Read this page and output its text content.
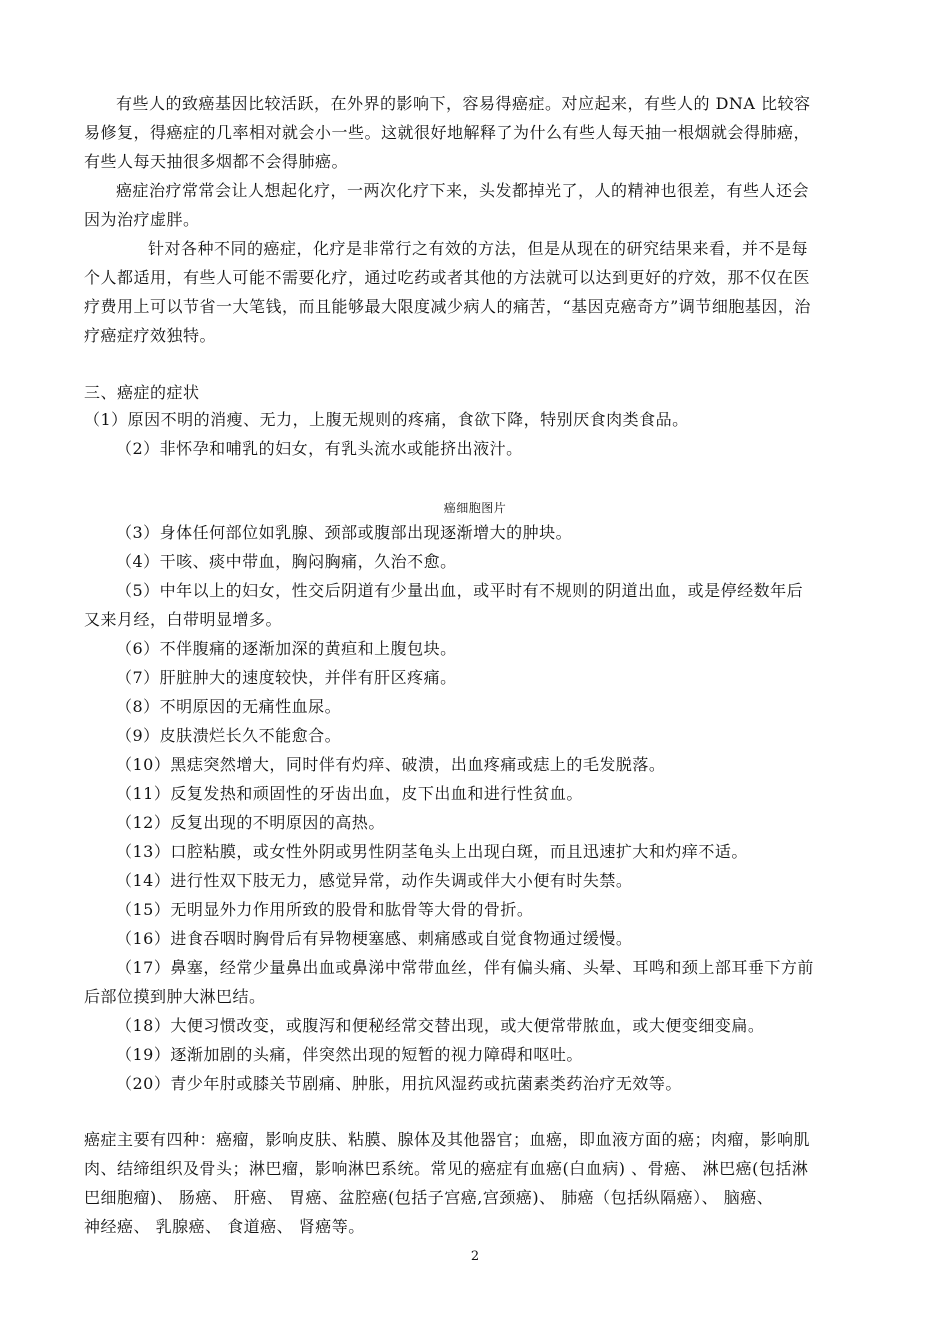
有些人的致癌基因比较活跃，在外界的影响下，容易得癌症。对应起来，有些人的 DNA 比较容
易修复，得癌症的几率相对就会小一些。这就很好地解释了为什么有些人每天抽一根烟就会得肺癌，
有些人每天抽很多烟都不会得肺癌。
癌症治疗常常会让人想起化疗，一两次化疗下来，头发都掉光了，人的精神也很差，有些人还会
因为治疗虚胖。
针对各种不同的癌症，化疗是非常行之有效的方法，但是从现在的研究结果来看，并不是每
个人都适用，有些人可能不需要化疗，通过吃药或者其他的方法就可以达到更好的疗效，那不仅在医
疗费用上可以节省一大笔钱，而且能够最大限度减少病人的痛苦，“基因克癌奇方”调节细胞基因，治
疗癌症疗效独特。
三、癌症的症状
（1）原因不明的消瘦、无力，上腹无规则的疼痛，食欲下降，特别厌食肉类食品。
（2）非怀孕和哺乳的妇女，有乳头流水或能挤出液汁。
癌细胞图片
（3）身体任何部位如乳腺、颈部或腹部出现逐渐增大的肿块。
（4）干咳、痰中带血，胸闷胸痛，久治不愈。
（5）中年以上的妇女，性交后阴道有少量出血，或平时有不规则的阴道出血，或是停经数年后
又来月经，白带明显增多。
（6）不伴腹痛的逐渐加深的黄疸和上腹包块。
（7）肝脏肿大的速度较快，并伴有肝区疼痛。
（8）不明原因的无痛性血尿。
（9）皮肤溃烂长久不能愈合。
（10）黑痣突然增大，同时伴有灼痒、破溃，出血疼痛或痣上的毛发脱落。
（11）反复发热和顽固性的牙齿出血，皮下出血和进行性贫血。
（12）反复出现的不明原因的高热。
（13）口腔粘膜，或女性外阴或男性阴茎龟头上出现白斑，而且迅速扩大和灼痒不适。
（14）进行性双下肢无力，感觉异常，动作失调或伴大小便有时失禁。
（15）无明显外力作用所致的股骨和肱骨等大骨的骨折。
（16）进食吞咽时胸骨后有异物梗塞感、刺痛感或自觉食物通过缓慢。
（17）鼻塞，经常少量鼻出血或鼻涕中常带血丝，伴有偏头痛、头晕、耳鸣和颈上部耳垂下方前
后部位摸到肿大淋巴结。
（18）大便习惯改变，或腹泻和便秘经常交替出现，或大便常带脓血，或大便变细变扁。
（19）逐渐加剧的头痛，伴突然出现的短暂的视力障碍和呕吐。
（20）青少年肘或膝关节剧痛、肿胀，用抗风湿药或抗菌素类药治疗无效等。
癌症主要有四种：癌瘤，影响皮肤、粘膜、腺体及其他器官；血癌，即血液方面的癌；肉瘤，影响肌
肉、结缔组织及骨头；淋巴瘤，影响淋巴系统。常见的癌症有血癌(白血病) 、骨癌、 淋巴癌(包括淋
巴细胞瘤)、 肠癌、 肝癌、 胃癌、盆腔癌(包括子宫癌,宫颈癌)、 肺癌（包括纵隔癌）、 脑癌、
神经癌、 乳腺癌、 食道癌、 肾癌等。
2
